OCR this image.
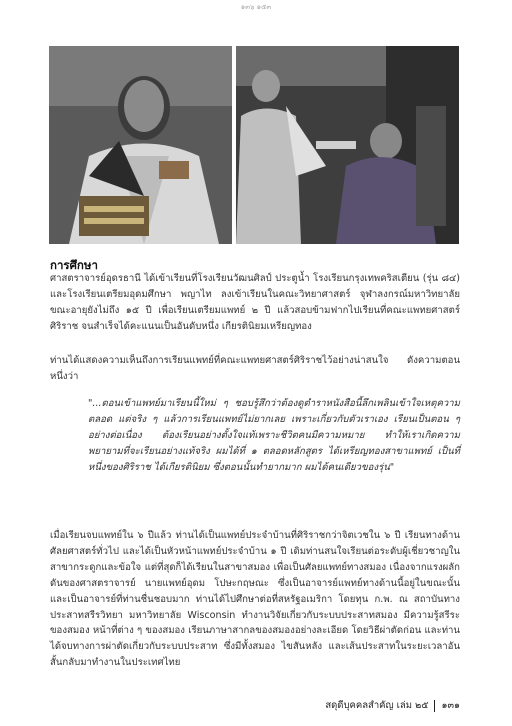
๑๓๖ ๑๕๓
การศึกษา

ศาสตราจารย์อุดรธานี ได้เข้าเรียนที่โรงเรียนวัฒนศิลป์ ประตูน้ำ โรงเรียนกรุงเทพคริสเตียน (รุ่น ๘๔) และโรงเรียนเตรียมอุดมศึกษา พญาไท ลงเข้าเรียนในคณะวิทยาศาสตร์ จุฬาลงกรณ์มหาวิทยาลัย ขณะอายุยังไม่ถึง ๑๕ ปี เพื่อเรียนเตรียมแพทย์ ๒ ปี แล้วสอบข้ามฟากไปเรียนที่คณะแพทยศาสตร์ศิริราช จนสำเร็จได้คะแนนเป็นอันดับหนึ่ง เกียรตินิยมเหรียญทอง

ท่านได้แสดงความเห็นถึงการเรียนแพทย์ที่คณะแพทยศาสตร์ศิริราชไว้อย่างน่าสนใจ ดังความตอนหนึ่งว่า

"...ตอนเข้าแพทย์มาเรียนนี้ใหม่ ๆ ชอบรู้สึกว่าต้องดูตำราหนังสือนี้ลึกเพลินเข้าใจเหตุความตลอด แต่จริง ๆ แล้วการเรียนแพทย์ไม่ยากเลย เพราะเกี่ยวกับตัวเราเอง เรียนเป็นตอน ๆ อย่างต่อเนื่อง ต้องเรียนอย่างตั้งใจแท้เพราะชีวิตคนมีความหมาย ทำให้เราเกิดความพยายามที่จะเรียนอย่างแท้จริง ผมได้ที่ ๑ ตลอดหลักสูตร ได้เหรียญทองสาขาแพทย์ เป็นที่หนึ่งของศิริราช ได้เกียรตินิยม ซึ่งตอนนั้นทำยากมาก ผมได้คนเดียวของรุ่น"

เมื่อเรียนจบแพทย์ใน ๖ ปีแล้ว ท่านได้เป็นแพทย์ประจำบ้านที่ศิริราชกว่าจิตเวชใน ๖ ปี เรียนทางด้านศัลยศาสตร์ทั่วไป และได้เป็นหัวหน้าแพทย์ประจำบ้าน ๑ ปี เดิมท่านสนใจเรียนต่อระดับผู้เชี่ยวชาญในสาขากระดูกและข้อใจ แต่ที่สุดก็ได้เรียนในสาขาสมอง เพื่อเป็นศัลยแพทย์ทางสมอง เนื่องจากแรงผลักดันของศาสตราจารย์ นายแพทย์อุดม โปษะกฤษณะ ซึ่งเป็นอาจารย์แพทย์ทางด้านนี้อยู่ในขณะนั้น และเป็นอาจารย์ที่ท่านชื่นชอบมาก ท่านได้ไปศึกษาต่อที่สหรัฐอเมริกา โดยทุน ก.พ. ณ สถาบันทางประสาทสรีรวิทยา มหาวิทยาลัย Wisconsin ทำงานวิจัยเกี่ยวกับระบบประสาทสมอง มีความรู้สรีระของสมอง หน้าที่ต่าง ๆ ของสมอง เรียนภาษาสากลของสมองอย่างละเอียด โดยวิธีผ่าตัดก่อน และท่านได้จบทางการผ่าตัดเกี่ยวกับระบบประสาท ซึ่งมีทั้งสมอง ไขสันหลัง และเส้นประสาทในระยะเวลาอันสั้นกลับมาทำงานในประเทศไทย

สดุดีบุคคลสำคัญ เล่ม ๒๕ ๑๓๑
